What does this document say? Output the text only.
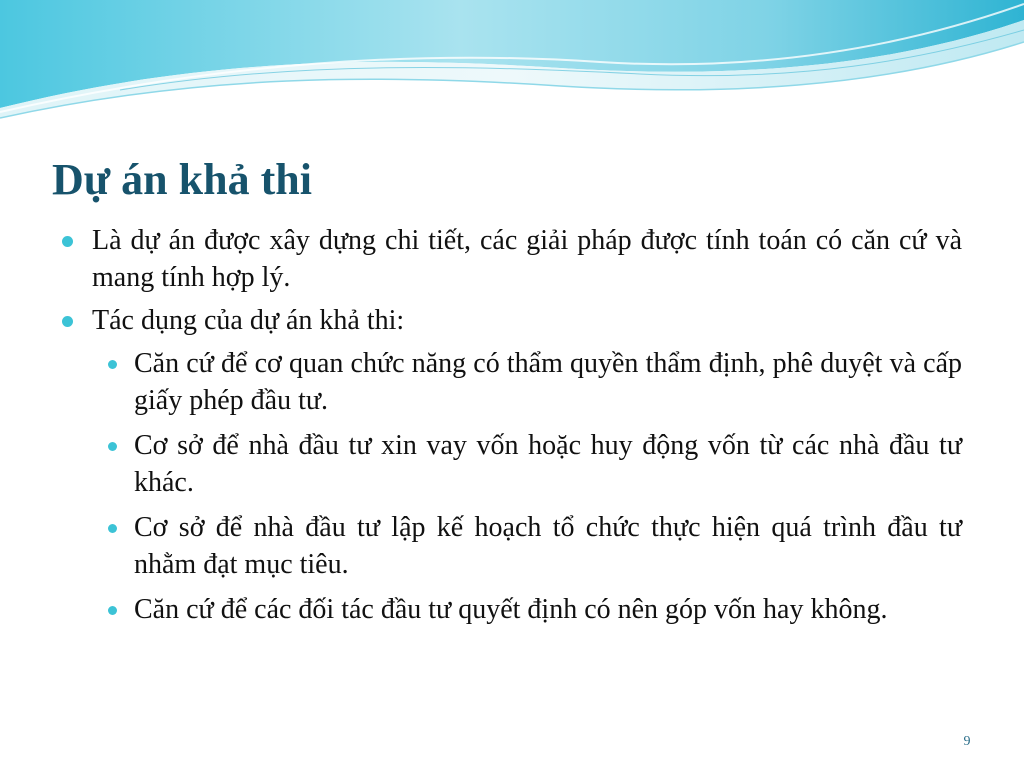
Dự án khả thi
Là dự án được xây dựng chi tiết, các giải pháp được tính toán có căn cứ và mang tính hợp lý.
Tác dụng của dự án khả thi:
Căn cứ để cơ quan chức năng có thẩm quyền thẩm định, phê duyệt và cấp giấy phép đầu tư.
Cơ sở để nhà đầu tư xin vay vốn hoặc huy động vốn từ các nhà đầu tư khác.
Cơ sở để nhà đầu tư lập kế hoạch tổ chức thực hiện quá trình đầu tư nhằm đạt mục tiêu.
Căn cứ để các đối tác đầu tư quyết định có nên góp vốn hay không.
9
